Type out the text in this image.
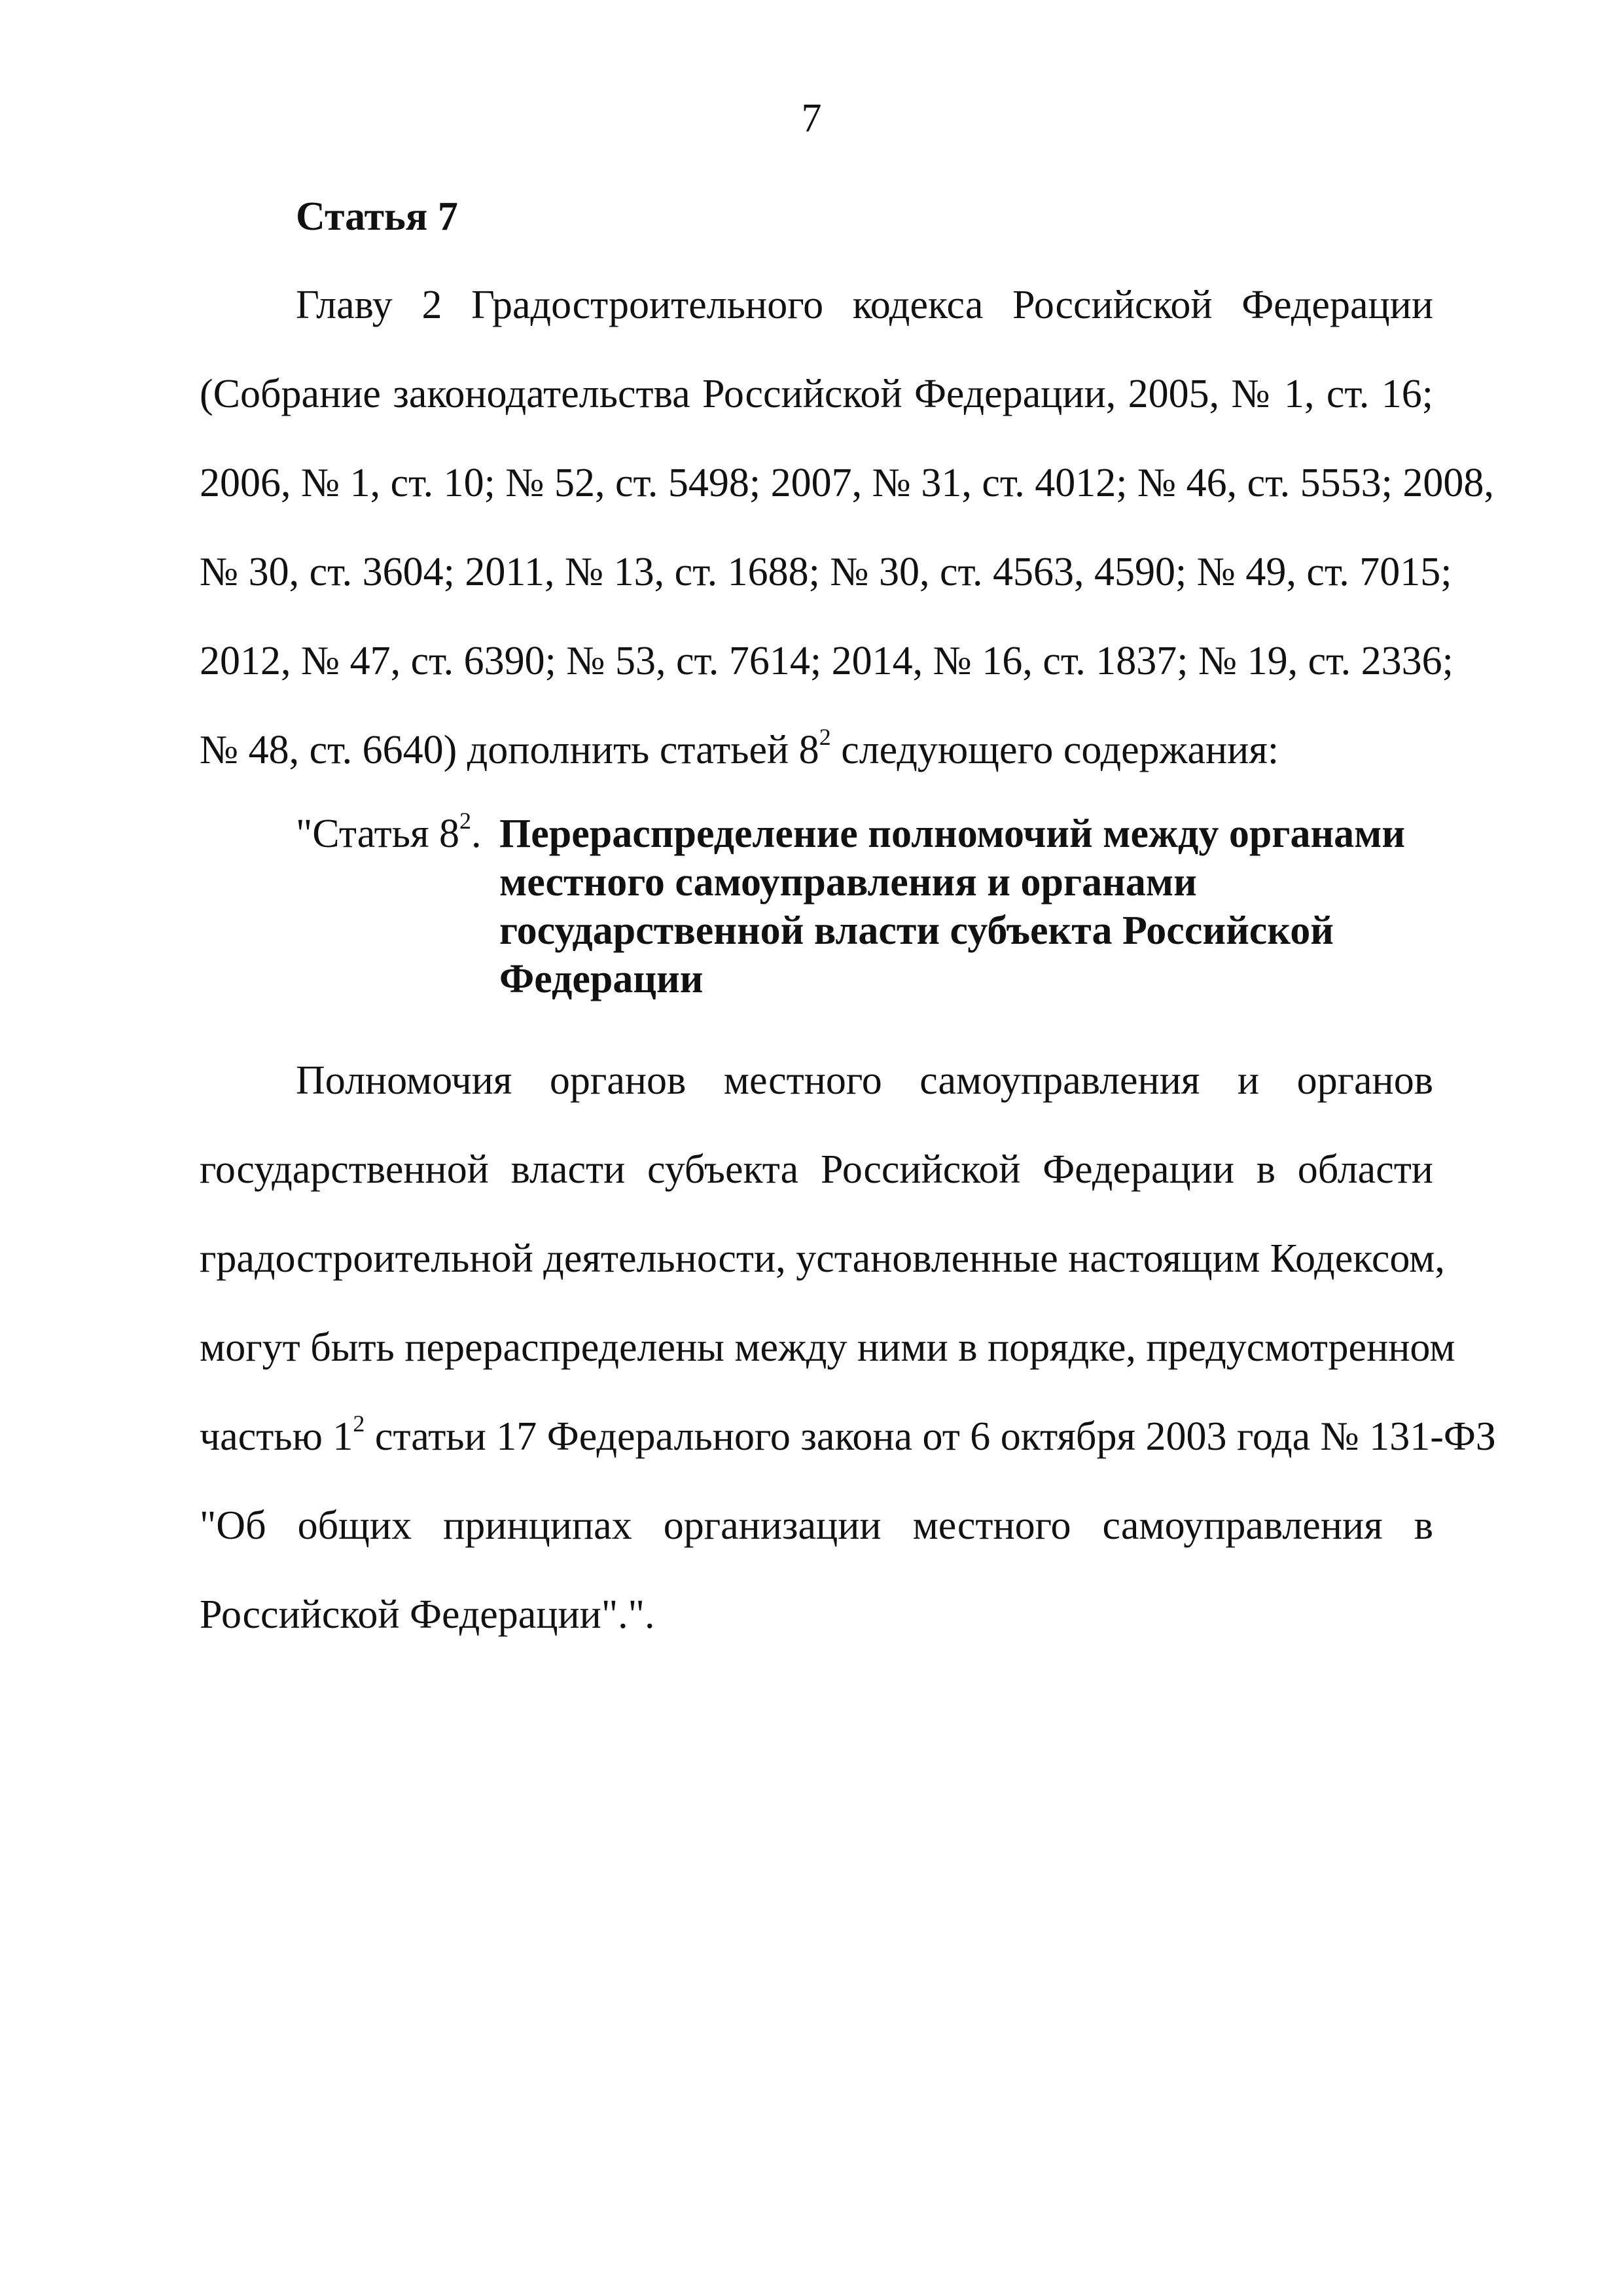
7
Статья 7
Главу 2 Градостроительного кодекса Российской Федерации
(Собрание законодательства Российской Федерации, 2005, № 1, ст. 16;
2006, № 1, ст. 10; № 52, ст. 5498; 2007, № 31, ст. 4012; № 46, ст. 5553; 2008,
№ 30, ст. 3604; 2011, № 13, ст. 1688; № 30, ст. 4563, 4590; № 49, ст. 7015;
2012, № 47, ст. 6390; № 53, ст. 7614; 2014, № 16, ст. 1837; № 19, ст. 2336;
№ 48, ст. 6640) дополнить статьей $8^2$ следующего содержания:
"Статья $8^2$. Перераспределение полномочий между органами
местного самоуправления и органами
государственной власти субъекта Российской
Федерации
Полномочия органов местного самоуправления и органов
государственной власти субъекта Российской Федерации в области
градостроительной деятельности, установленные настоящим Кодексом,
могут быть перераспределены между ними в порядке, предусмотренном
частью $1^2$ статьи 17 Федерального закона от 6 октября 2003 года № 131-ФЗ
"Об общих принципах организации местного самоуправления в
Российской Федерации".".
